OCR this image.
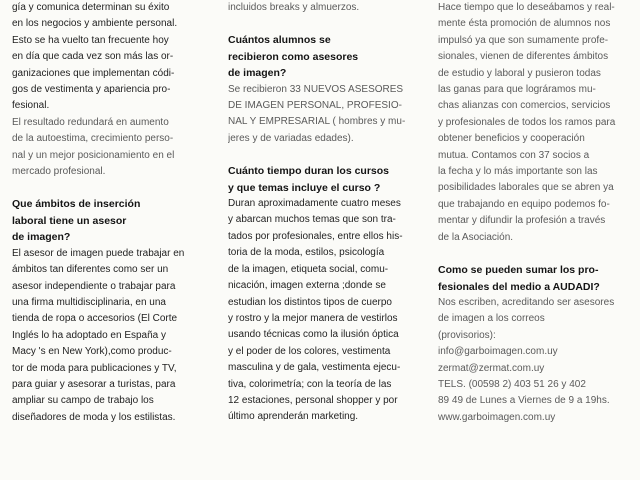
gía y comunica determinan su éxito
en los negocios y ambiente personal.
Esto se ha vuelto tan frecuente hoy
en día que cada vez son más las or-
ganizaciones que implementan códi-
gos de vestimenta y apariencia pro-
fesional.

El resultado redundará en aumento
de la autoestima, crecimiento perso-
nal y un mejor posicionamiento en el
mercado profesional.

Que ámbitos de inserción
laboral tiene un asesor
de imagen?

El asesor de imagen puede trabajar en
ámbitos tan diferentes como ser un
asesor independiente o trabajar para
una firma multidisciplinaria, en una
tienda de ropa o accesorios (El Corte
Inglés lo ha adoptado en España y
Macy 's en New York),como produc-
tor de moda para publicaciones y TV,
para guiar y asesorar a turistas, para
ampliar su campo de trabajo los
diseñadores de moda y los estilistas.

incluidos breaks y almuerzos.

Cuántos alumnos se
recibieron como asesores
de imagen?

Se recibieron 33 NUEVOS ASESORES
DE IMAGEN PERSONAL, PROFESIO-
NAL Y EMPRESARIAL ( hombres y mu-
jeres y de variadas edades).

Cuánto tiempo duran los cursos
y que temas incluye el curso ?

Duran aproximadamente cuatro meses
y abarcan muchos temas que son tra-
tados por profesionales, entre ellos his-
toria de la moda, estilos, psicología
de la imagen, etiqueta social, comu-
nicación, imagen externa ;donde se
estudian los distintos tipos de cuerpo
y rostro y la mejor manera de vestirlos
usando técnicas como la ilusión óptica
y el poder de los colores, vestimenta
masculina y de gala, vestimenta ejecu-
tiva, colorimetría; con la teoría de las
12 estaciones, personal shopper y por
último aprenderán marketing.

Hace tiempo que lo deseábamos y real-
mente ésta promoción de alumnos nos
impulsó ya que son sumamente profe-
sionales, vienen de diferentes ámbitos
de estudio y laboral y pusieron todas
las ganas para que lográramos mu-
chas alianzas con comercios, servicios
y profesionales de todos los ramos para
obtener beneficios y cooperación
mutua. Contamos con 37 socios a
la fecha y lo más importante son las
posibilidades laborales que se abren ya
que trabajando en equipo podemos fo-
mentar y difundir la profesión a través
de la Asociación.

Como se pueden sumar los pro-
fesionales del medio a AUDADI?

Nos escriben, acreditando ser asesores
de imagen a los correos
(provisorios):
info@garboimagen.com.uy
zermat@zermat.com.uy
TELS. (00598 2) 403 51 26 y 402
89 49 de Lunes a Viernes de 9 a 19hs.
www.garboimagen.com.uy
